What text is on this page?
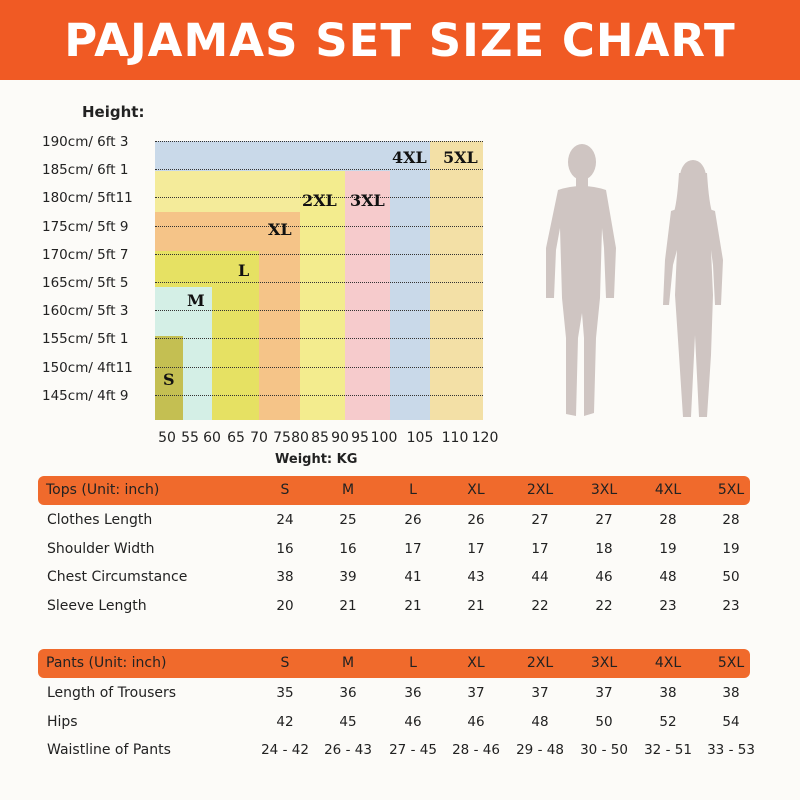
PAJAMAS SET SIZE CHART
Height:
S
M
L
XL
2XL 3XL
4XL 5XL
190cm/ 6ft 3
185cm/ 6ft 1
180cm/ 5ft11
175cm/ 5ft 9
170cm/ 5ft 7
165cm/ 5ft 5
160cm/ 5ft 3
155cm/ 5ft 1
150cm/ 4ft11
145cm/ 4ft 9
50 55 60 65 70 75 80 85 90 95 100 105 110 120
Weight: KG
Tops (Unit: inch)	S	M	L	XL	2XL	3XL	4XL	5XL
Clothes Length	24	25	26	26	27	27	28	28
Shoulder Width	16	16	17	17	17	18	19	19
Chest Circumstance	38	39	41	43	44	46	48	50
Sleeve Length	20	21	21	21	22	22	23	23
Pants (Unit: inch)	S	M	L	XL	2XL	3XL	4XL	5XL
Length of Trousers	35	36	36	37	37	37	38	38
Hips	42	45	46	46	48	50	52	54
Waistline of Pants	24 - 42 26 - 43 27 - 45 28 - 46 29 - 48 30 - 50 32 - 51 33 - 53
